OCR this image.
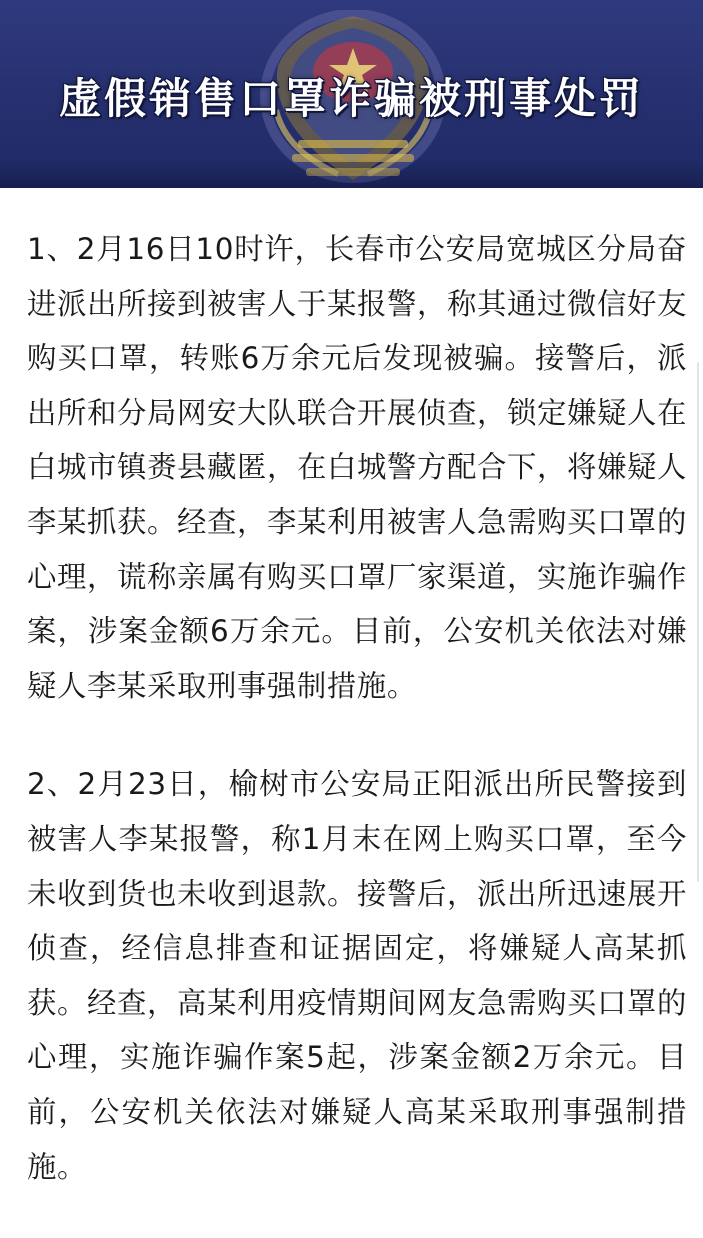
虚假销售口罩诈骗被刑事处罚

1、2月16日10时许，长春市公安局宽城区分局奋进派出所接到被害人于某报警，称其通过微信好友购买口罩，转账6万余元后发现被骗。接警后，派出所和分局网安大队联合开展侦查，锁定嫌疑人在白城市镇赉县藏匿，在白城警方配合下，将嫌疑人李某抓获。经查，李某利用被害人急需购买口罩的心理，谎称亲属有购买口罩厂家渠道，实施诈骗作案，涉案金额6万余元。目前，公安机关依法对嫌疑人李某采取刑事强制措施。

2、2月23日，榆树市公安局正阳派出所民警接到被害人李某报警，称1月末在网上购买口罩，至今未收到货也未收到退款。接警后，派出所迅速展开侦查，经信息排查和证据固定，将嫌疑人高某抓获。经查，高某利用疫情期间网友急需购买口罩的心理，实施诈骗作案5起，涉案金额2万余元。目前，公安机关依法对嫌疑人高某采取刑事强制措施。
